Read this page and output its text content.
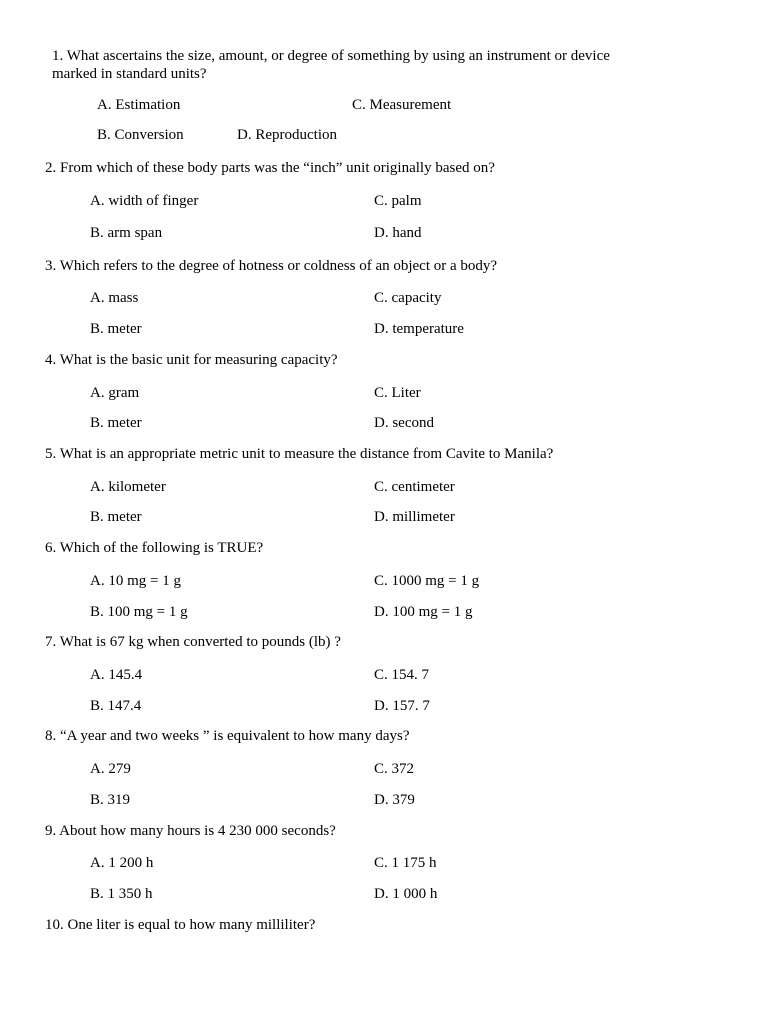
1. What ascertains the size, amount, or degree of something by using an instrument or device marked in standard units?
A. Estimation	C. Measurement
B. Conversion	D. Reproduction
2. From which of these body parts was the “inch” unit originally based on?
A. width of finger	C. palm
B. arm span	D. hand
3. Which refers to the degree of hotness or coldness of an object or a body?
A. mass	C. capacity
B. meter	D. temperature
4. What is the basic unit for measuring capacity?
A. gram	C. Liter
B. meter	D. second
5. What is an appropriate metric unit to measure the distance from Cavite to Manila?
A. kilometer	C. centimeter
B. meter	D. millimeter
6. Which of the following is TRUE?
A. 10 mg = 1 g	C. 1000 mg = 1 g
B. 100 mg = 1 g	D. 100 mg = 1 g
7. What is 67 kg when converted to pounds (lb) ?
A. 145.4	C. 154. 7
B. 147.4	D. 157. 7
8. “A year and two weeks ” is equivalent to how many days?
A. 279	C. 372
B. 319	D. 379
9. About how many hours is 4 230 000 seconds?
A. 1 200 h	C. 1 175 h
B. 1 350 h	D. 1 000 h
10. One liter is equal to how many milliliter?
